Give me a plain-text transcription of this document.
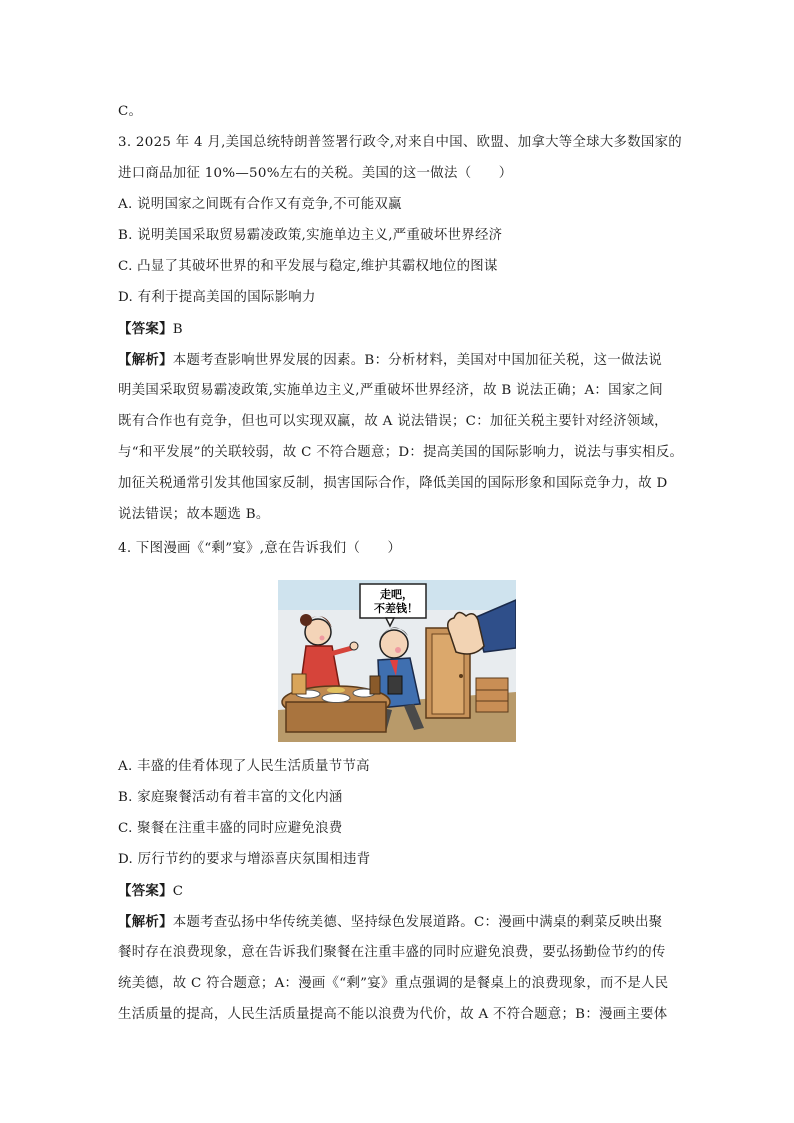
C。
3. 2025 年 4 月,美国总统特朗普签署行政令,对来自中国、欧盟、加拿大等全球大多数国家的
进口商品加征 10%—50%左右的关税。美国的这一做法（　　）
A. 说明国家之间既有合作又有竞争,不可能双赢
B. 说明美国采取贸易霸凌政策,实施单边主义,严重破坏世界经济
C. 凸显了其破坏世界的和平发展与稳定,维护其霸权地位的图谋
D. 有利于提高美国的国际影响力
【答案】B
【解析】本题考查影响世界发展的因素。B：分析材料，美国对中国加征关税，这一做法说
明美国采取贸易霸凌政策,实施单边主义,严重破坏世界经济，故 B 说法正确；A：国家之间
既有合作也有竞争，但也可以实现双赢，故 A 说法错误；C：加征关税主要针对经济领域，
与“和平发展”的关联较弱，故 C 不符合题意；D：提高美国的国际影响力，说法与事实相反。
加征关税通常引发其他国家反制，损害国际合作，降低美国的国际形象和国际竞争力，故 D
说法错误；故本题选 B。
4. 下图漫画《“剩”宴》,意在告诉我们（　　）
走吧，
不差钱！
A. 丰盛的佳肴体现了人民生活质量节节高
B. 家庭聚餐活动有着丰富的文化内涵
C. 聚餐在注重丰盛的同时应避免浪费
D. 厉行节约的要求与增添喜庆氛围相违背
【答案】C
【解析】本题考查弘扬中华传统美德、坚持绿色发展道路。C：漫画中满桌的剩菜反映出聚
餐时存在浪费现象，意在告诉我们聚餐在注重丰盛的同时应避免浪费，要弘扬勤俭节约的传
统美德，故 C 符合题意；A：漫画《“剩”宴》重点强调的是餐桌上的浪费现象，而不是人民
生活质量的提高，人民生活质量提高不能以浪费为代价，故 A 不符合题意；B：漫画主要体
